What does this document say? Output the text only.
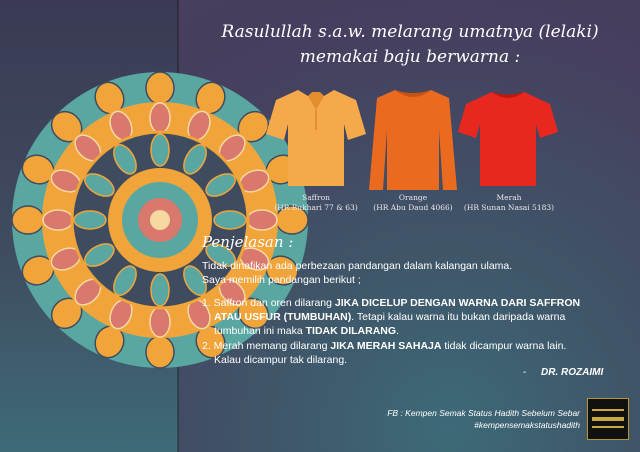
Rasulullah s.a.w. melarang umatnya (lelaki)
memakai baju berwarna :
Saffron
(HR Bukhari 77 & 63)
Orange
(HR Abu Daud 4066)
Merah
(HR Sunan Nasai 5183)
Penjelasan :
Tidak dinafikan ada perbezaan pandangan dalam kalangan ulama.
Saya memilih pandangan berikut ;
1. Saffron dan oren dilarang JIKA DICELUP DENGAN WARNA DARI SAFFRON
ATAU USFUR (TUMBUHAN). Tetapi kalau warna itu bukan daripada warna
tumbuhan ini maka TIDAK DILARANG.
2. Merah memang dilarang JIKA MERAH SAHAJA tidak dicampur warna lain.
Kalau dicampur tak dilarang.
- DR. ROZAIMI
FB : Kempen Semak Status Hadith Sebelum Sebar
#kempensemakstatushadith
